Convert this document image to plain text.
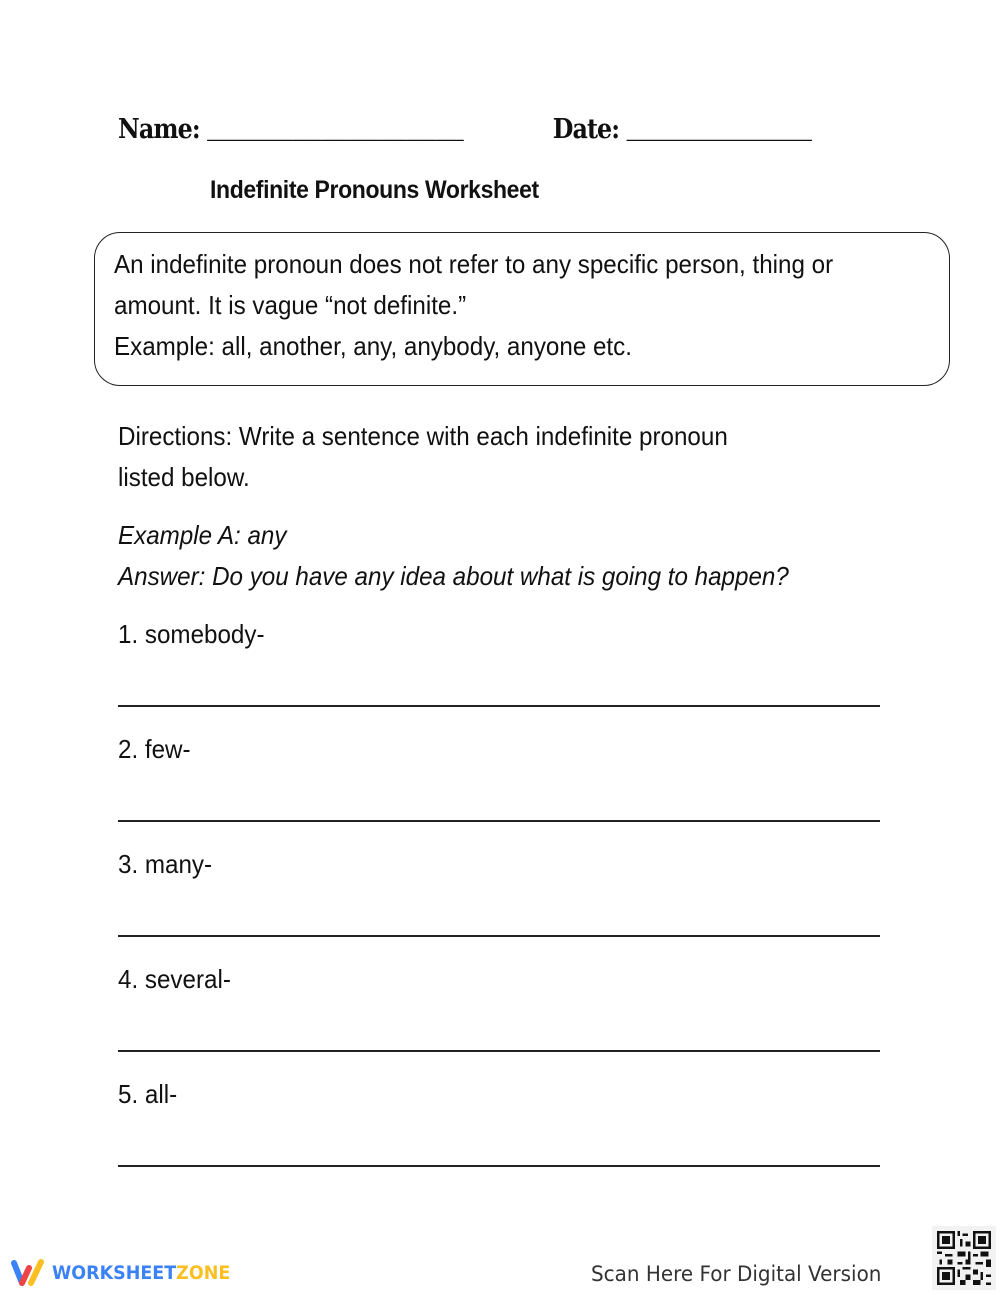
Name: __________________	Date: _____________
Indefinite Pronouns Worksheet
An indefinite pronoun does not refer to any specific person, thing or
amount. It is vague “not definite.”
Example: all, another, any, anybody, anyone etc.
Directions: Write a sentence with each indefinite pronoun
listed below.
Example A: any
Answer: Do you have any idea about what is going to happen?
1. somebody-
2. few-
3. many-
4. several-
5. all-
WORKSHEETZONE	Scan Here For Digital Version
